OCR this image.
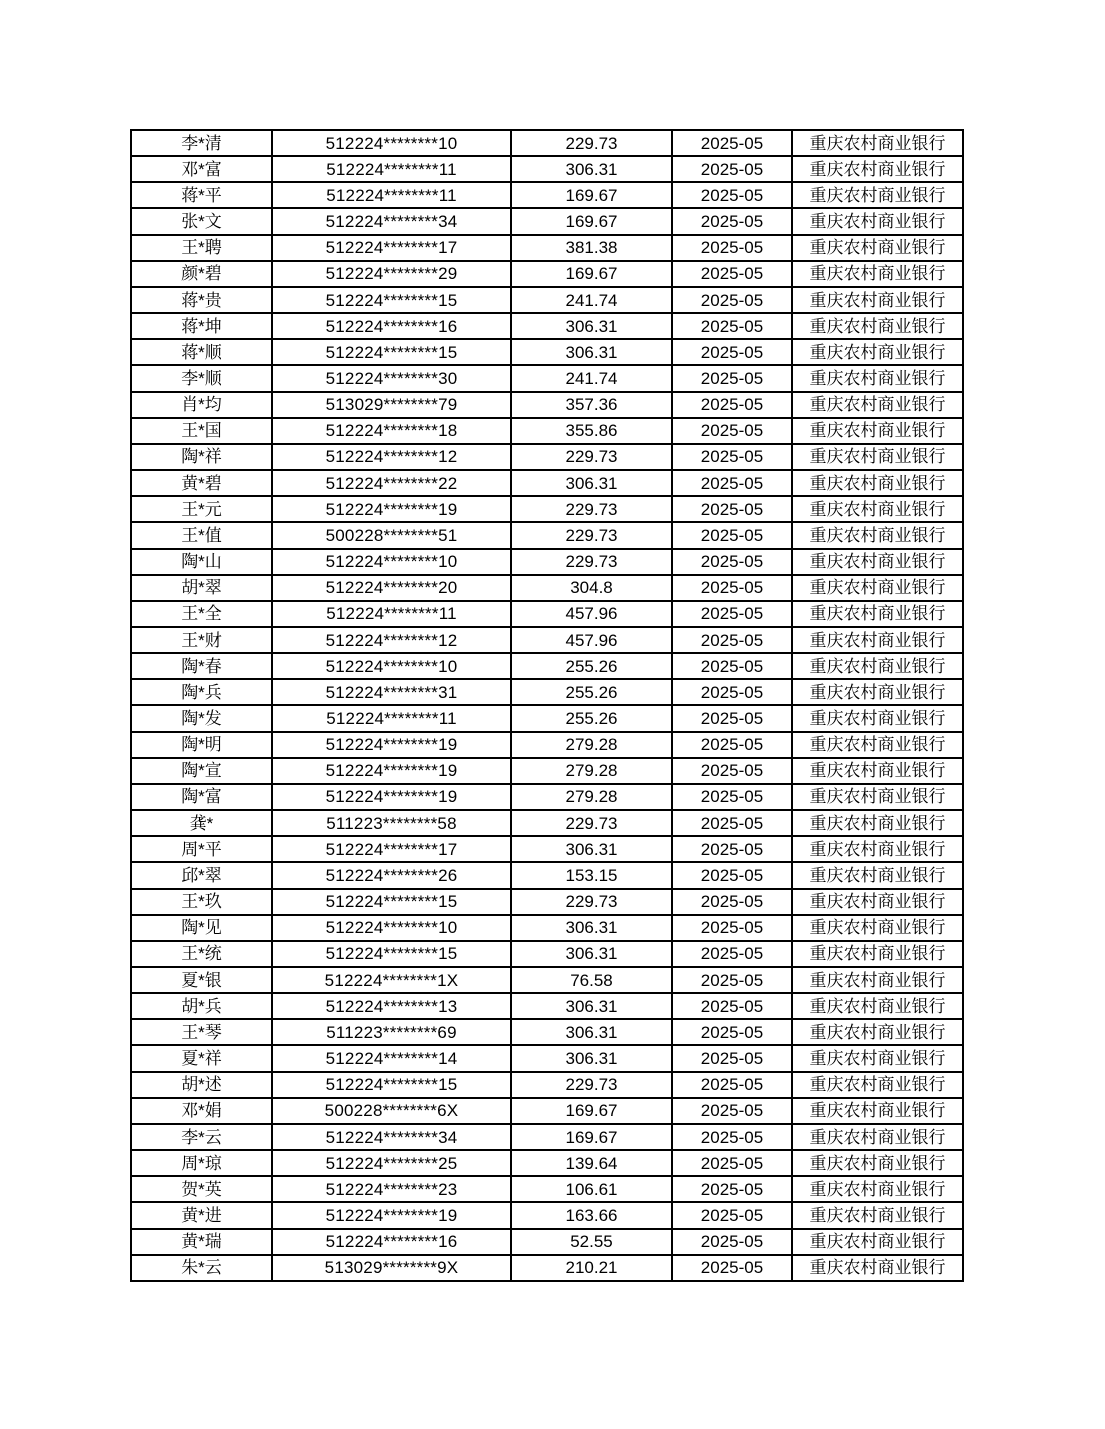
李*清	512224********10	229.73	2025-05	重庆农村商业银行
邓*富	512224********11	306.31	2025-05	重庆农村商业银行
蒋*平	512224********11	169.67	2025-05	重庆农村商业银行
张*文	512224********34	169.67	2025-05	重庆农村商业银行
王*聘	512224********17	381.38	2025-05	重庆农村商业银行
颜*碧	512224********29	169.67	2025-05	重庆农村商业银行
蒋*贵	512224********15	241.74	2025-05	重庆农村商业银行
蒋*坤	512224********16	306.31	2025-05	重庆农村商业银行
蒋*顺	512224********15	306.31	2025-05	重庆农村商业银行
李*顺	512224********30	241.74	2025-05	重庆农村商业银行
肖*均	513029********79	357.36	2025-05	重庆农村商业银行
王*国	512224********18	355.86	2025-05	重庆农村商业银行
陶*祥	512224********12	229.73	2025-05	重庆农村商业银行
黄*碧	512224********22	306.31	2025-05	重庆农村商业银行
王*元	512224********19	229.73	2025-05	重庆农村商业银行
王*值	500228********51	229.73	2025-05	重庆农村商业银行
陶*山	512224********10	229.73	2025-05	重庆农村商业银行
胡*翠	512224********20	304.8	2025-05	重庆农村商业银行
王*全	512224********11	457.96	2025-05	重庆农村商业银行
王*财	512224********12	457.96	2025-05	重庆农村商业银行
陶*春	512224********10	255.26	2025-05	重庆农村商业银行
陶*兵	512224********31	255.26	2025-05	重庆农村商业银行
陶*发	512224********11	255.26	2025-05	重庆农村商业银行
陶*明	512224********19	279.28	2025-05	重庆农村商业银行
陶*宣	512224********19	279.28	2025-05	重庆农村商业银行
陶*富	512224********19	279.28	2025-05	重庆农村商业银行
龚*	511223********58	229.73	2025-05	重庆农村商业银行
周*平	512224********17	306.31	2025-05	重庆农村商业银行
邱*翠	512224********26	153.15	2025-05	重庆农村商业银行
王*玖	512224********15	229.73	2025-05	重庆农村商业银行
陶*见	512224********10	306.31	2025-05	重庆农村商业银行
王*统	512224********15	306.31	2025-05	重庆农村商业银行
夏*银	512224********1X	76.58	2025-05	重庆农村商业银行
胡*兵	512224********13	306.31	2025-05	重庆农村商业银行
王*琴	511223********69	306.31	2025-05	重庆农村商业银行
夏*祥	512224********14	306.31	2025-05	重庆农村商业银行
胡*述	512224********15	229.73	2025-05	重庆农村商业银行
邓*娟	500228********6X	169.67	2025-05	重庆农村商业银行
李*云	512224********34	169.67	2025-05	重庆农村商业银行
周*琼	512224********25	139.64	2025-05	重庆农村商业银行
贺*英	512224********23	106.61	2025-05	重庆农村商业银行
黄*进	512224********19	163.66	2025-05	重庆农村商业银行
黄*瑞	512224********16	52.55	2025-05	重庆农村商业银行
朱*云	513029********9X	210.21	2025-05	重庆农村商业银行
